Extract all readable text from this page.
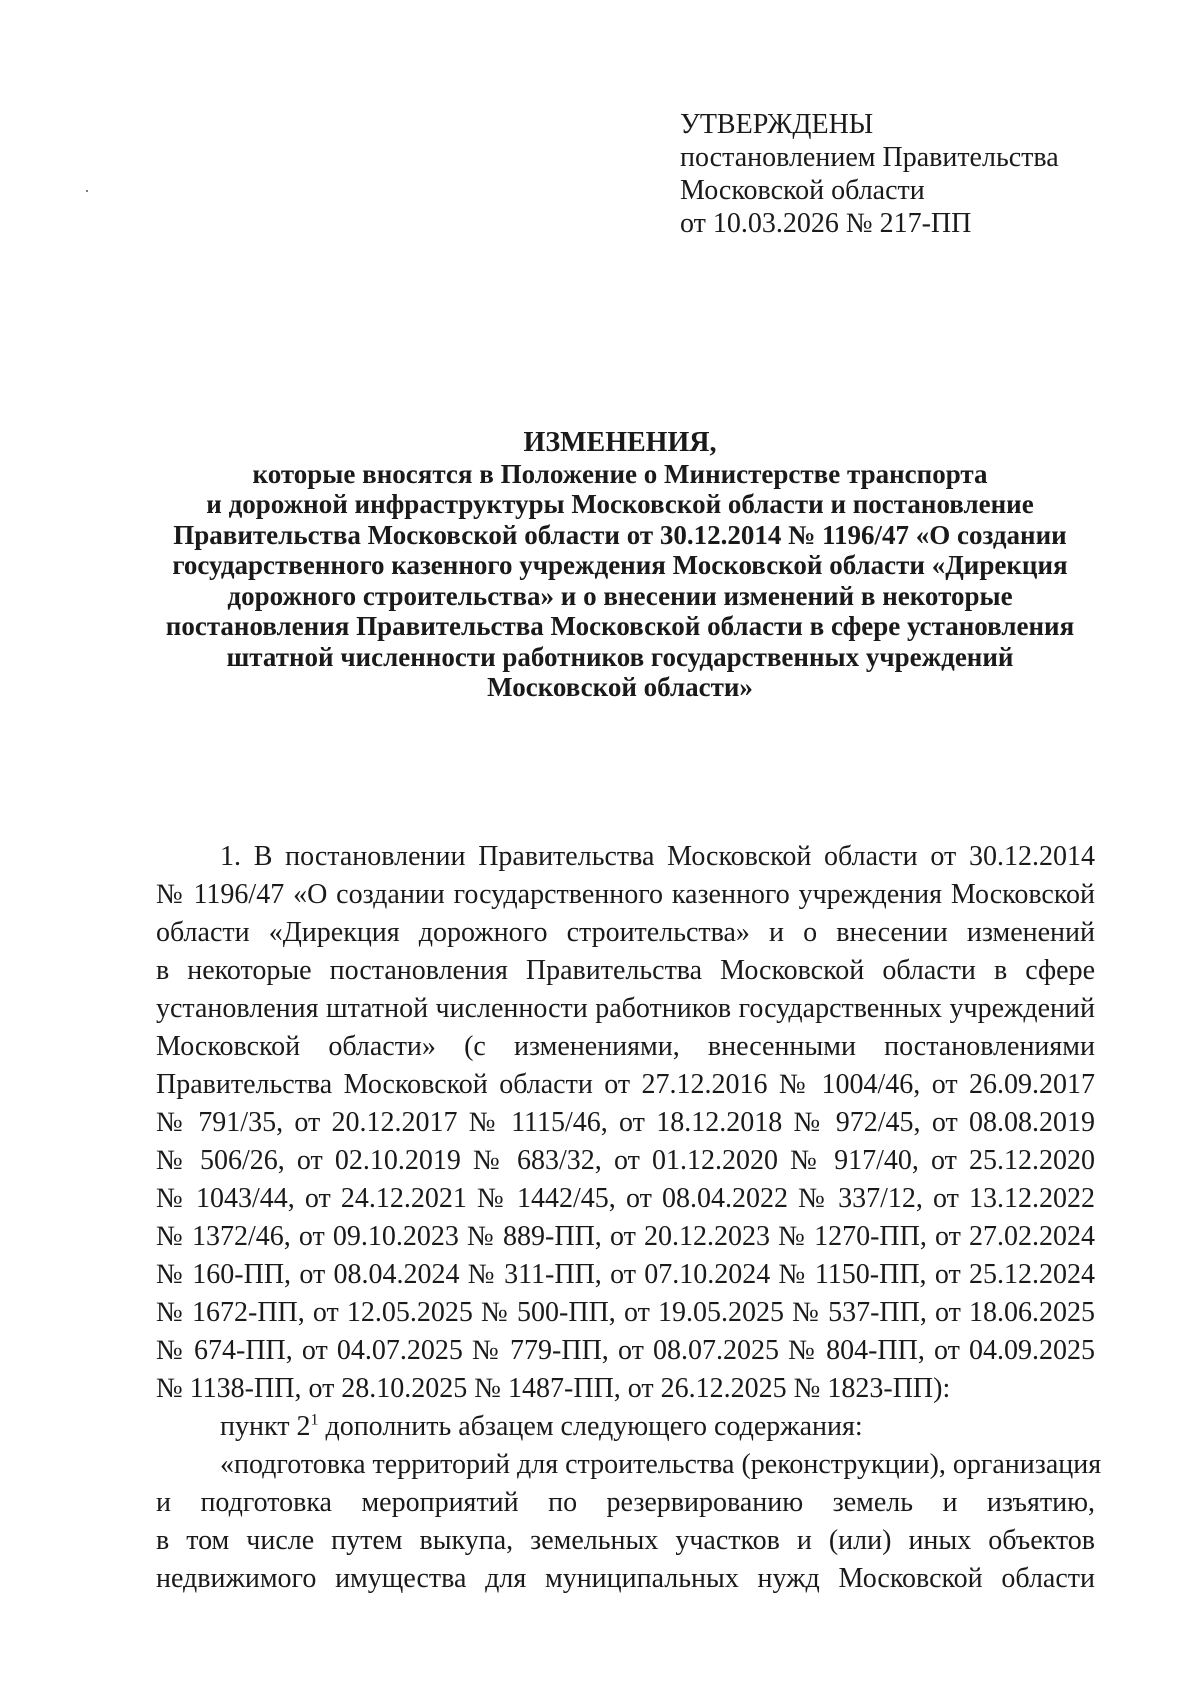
УТВЕРЖДЕНЫ
постановлением Правительства
Московской области
от 10.03.2026 № 217-ПП
ИЗМЕНЕНИЯ,
которые вносятся в Положение о Министерстве транспорта
и дорожной инфраструктуры Московской области и постановление
Правительства Московской области от 30.12.2014 № 1196/47 «О создании
государственного казенного учреждения Московской области «Дирекция
дорожного строительства» и о внесении изменений в некоторые
постановления Правительства Московской области в сфере установления
штатной численности работников государственных учреждений
Московской области»
1. В постановлении Правительства Московской области от 30.12.2014
№ 1196/47 «О создании государственного казенного учреждения Московской
области «Дирекция дорожного строительства» и о внесении изменений
в некоторые постановления Правительства Московской области в сфере
установления штатной численности работников государственных учреждений
Московской области» (с изменениями, внесенными постановлениями
Правительства Московской области от 27.12.2016 № 1004/46, от 26.09.2017
№ 791/35, от 20.12.2017 № 1115/46, от 18.12.2018 № 972/45, от 08.08.2019
№ 506/26, от 02.10.2019 № 683/32, от 01.12.2020 № 917/40, от 25.12.2020
№ 1043/44, от 24.12.2021 № 1442/45, от 08.04.2022 № 337/12, от 13.12.2022
№ 1372/46, от 09.10.2023 № 889-ПП, от 20.12.2023 № 1270-ПП, от 27.02.2024
№ 160-ПП, от 08.04.2024 № 311-ПП, от 07.10.2024 № 1150-ПП, от 25.12.2024
№ 1672-ПП, от 12.05.2025 № 500-ПП, от 19.05.2025 № 537-ПП, от 18.06.2025
№ 674-ПП, от 04.07.2025 № 779-ПП, от 08.07.2025 № 804-ПП, от 04.09.2025
№ 1138-ПП, от 28.10.2025 № 1487-ПП, от 26.12.2025 № 1823-ПП):
пункт $2^1$ дополнить абзацем следующего содержания:
«подготовка территорий для строительства (реконструкции), организация
и подготовка мероприятий по резервированию земель и изъятию,
в том числе путем выкупа, земельных участков и (или) иных объектов
недвижимого имущества для муниципальных нужд Московской области
